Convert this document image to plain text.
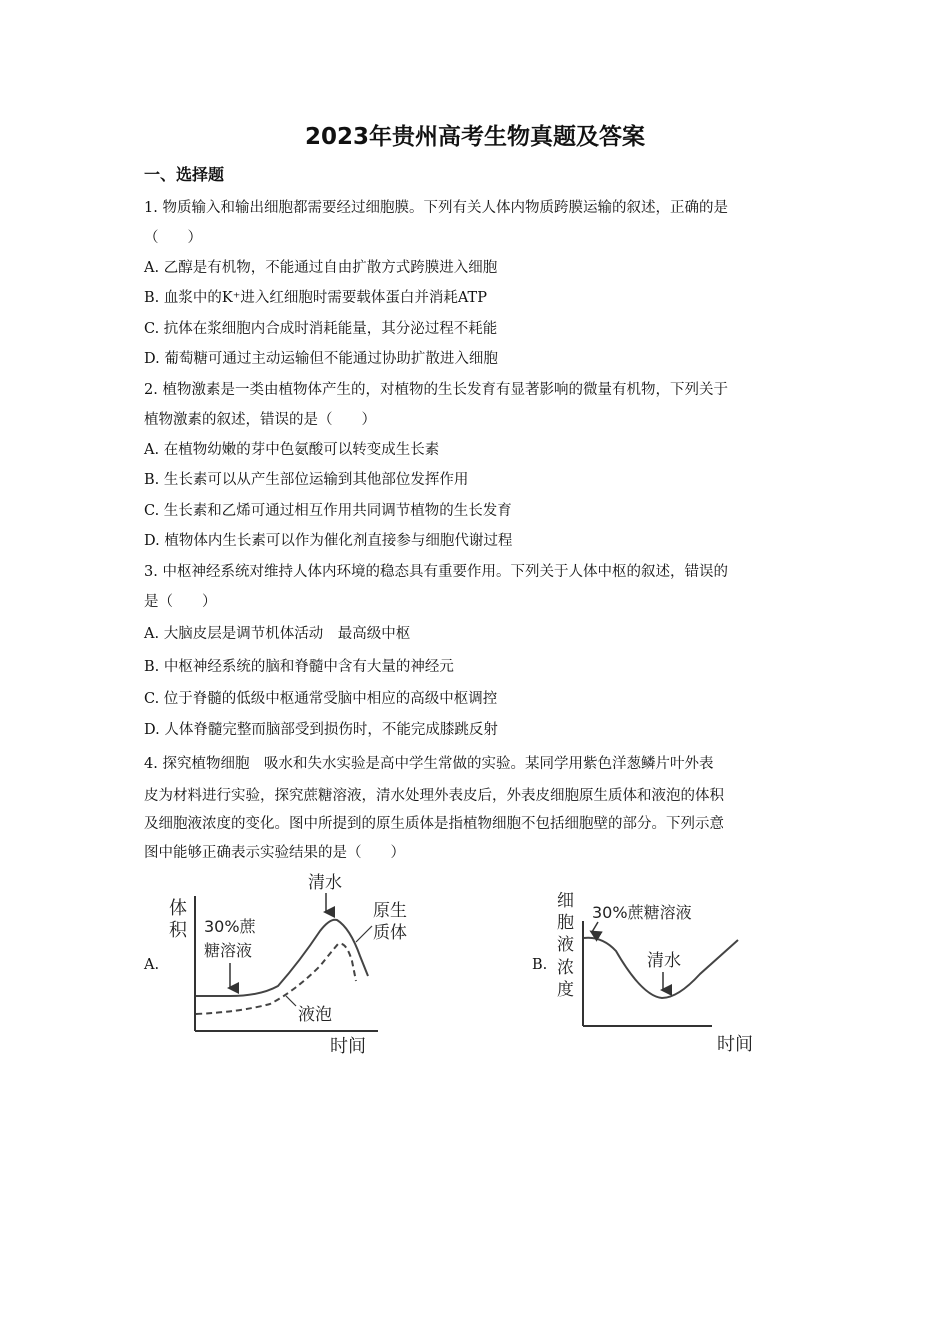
2023年贵州高考生物真题及答案
一、选择题
1. 物质输入和输出细胞都需要经过细胞膜。下列有关人体内物质跨膜运输的叙述，正确的是
（　　）
A. 乙醇是有机物，不能通过自由扩散方式跨膜进入细胞
B. 血浆中的K⁺进入红细胞时需要载体蛋白并消耗ATP
C. 抗体在浆细胞内合成时消耗能量，其分泌过程不耗能
D. 葡萄糖可通过主动运输但不能通过协助扩散进入细胞
2. 植物激素是一类由植物体产生的，对植物的生长发育有显著影响的微量有机物，下列关于
植物激素的叙述，错误的是（　　）
A. 在植物幼嫩的芽中色氨酸可以转变成生长素
B. 生长素可以从产生部位运输到其他部位发挥作用
C. 生长素和乙烯可通过相互作用共同调节植物的生长发育
D. 植物体内生长素可以作为催化剂直接参与细胞代谢过程
3. 中枢神经系统对维持人体内环境的稳态具有重要作用。下列关于人体中枢的叙述，错误的
是（　　）
A. 大脑皮层是调节机体活动　最高级中枢
B. 中枢神经系统的脑和脊髓中含有大量的神经元
C. 位于脊髓的低级中枢通常受脑中相应的高级中枢调控
D. 人体脊髓完整而脑部受到损伤时，不能完成膝跳反射
4. 探究植物细胞　吸水和失水实验是高中学生常做的实验。某同学用紫色洋葱鳞片叶外表
皮为材料进行实验，探究蔗糖溶液，清水处理外表皮后，外表皮细胞原生质体和液泡的体积
及细胞液浓度的变化。图中所提到的原生质体是指植物细胞不包括细胞壁的部分。下列示意
图中能够正确表示实验结果的是（　　）
A.
体
积
时间
30%蔗
糖溶液
清水
原生
质体
液泡
B.
细
胞
液
浓
度
时间
30%蔗糖溶液
清水
